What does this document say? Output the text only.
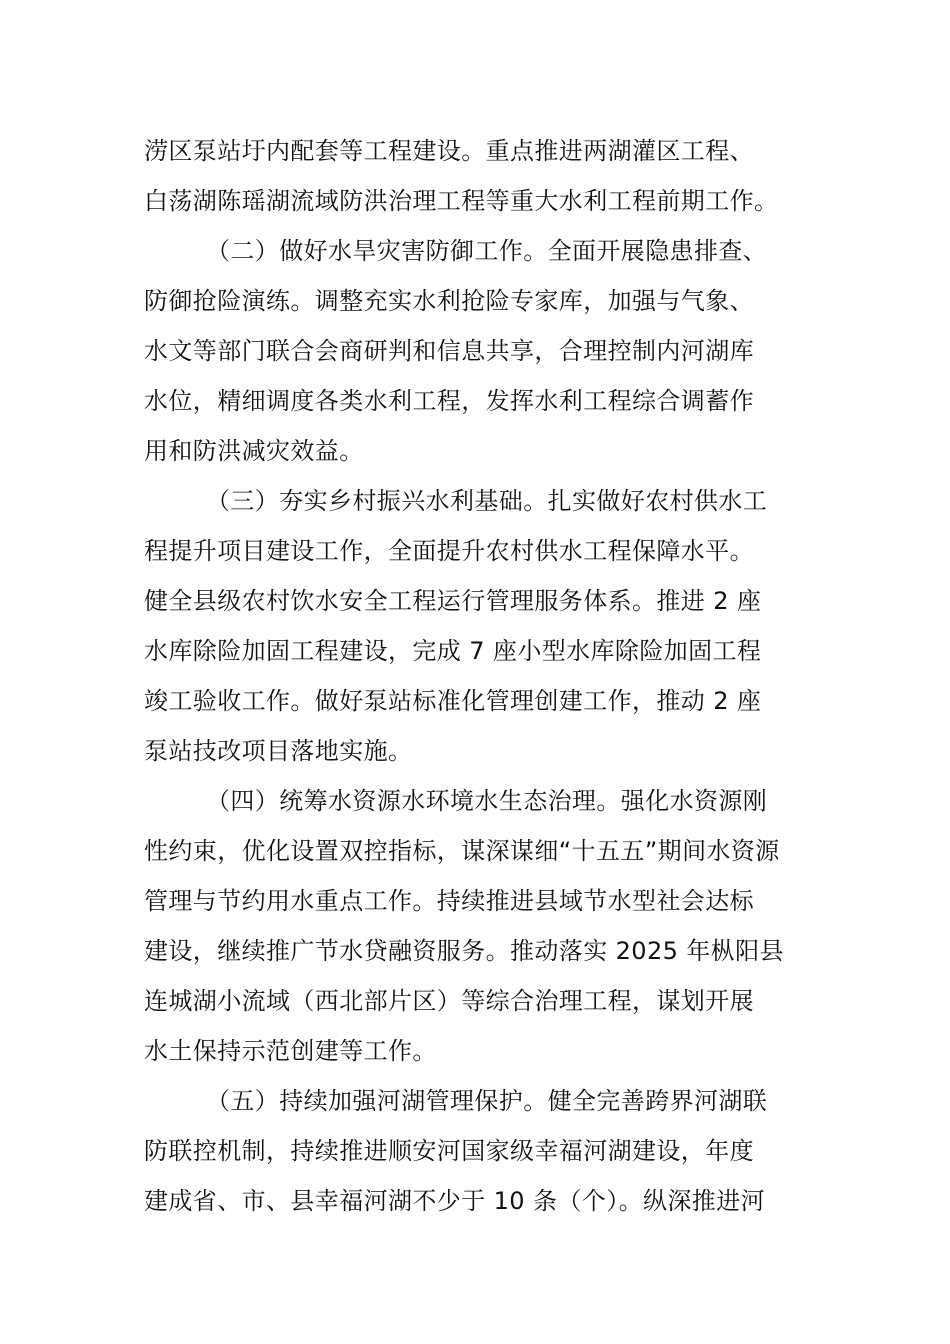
涝区泵站圩内配套等工程建设。重点推进两湖灌区工程、
白荡湖陈瑶湖流域防洪治理工程等重大水利工程前期工作。
（二）做好水旱灾害防御工作。全面开展隐患排查、
防御抢险演练。调整充实水利抢险专家库，加强与气象、
水文等部门联合会商研判和信息共享，合理控制内河湖库
水位，精细调度各类水利工程，发挥水利工程综合调蓄作
用和防洪减灾效益。
（三）夯实乡村振兴水利基础。扎实做好农村供水工
程提升项目建设工作，全面提升农村供水工程保障水平。
健全县级农村饮水安全工程运行管理服务体系。推进 2 座
水库除险加固工程建设，完成 7 座小型水库除险加固工程
竣工验收工作。做好泵站标准化管理创建工作，推动 2 座
泵站技改项目落地实施。
（四）统筹水资源水环境水生态治理。强化水资源刚
性约束，优化设置双控指标，谋深谋细“十五五”期间水资源
管理与节约用水重点工作。持续推进县域节水型社会达标
建设，继续推广节水贷融资服务。推动落实 2025 年枞阳县
连城湖小流域（西北部片区）等综合治理工程，谋划开展
水土保持示范创建等工作。
（五）持续加强河湖管理保护。健全完善跨界河湖联
防联控机制，持续推进顺安河国家级幸福河湖建设，年度
建成省、市、县幸福河湖不少于 10 条（个）。纵深推进河
